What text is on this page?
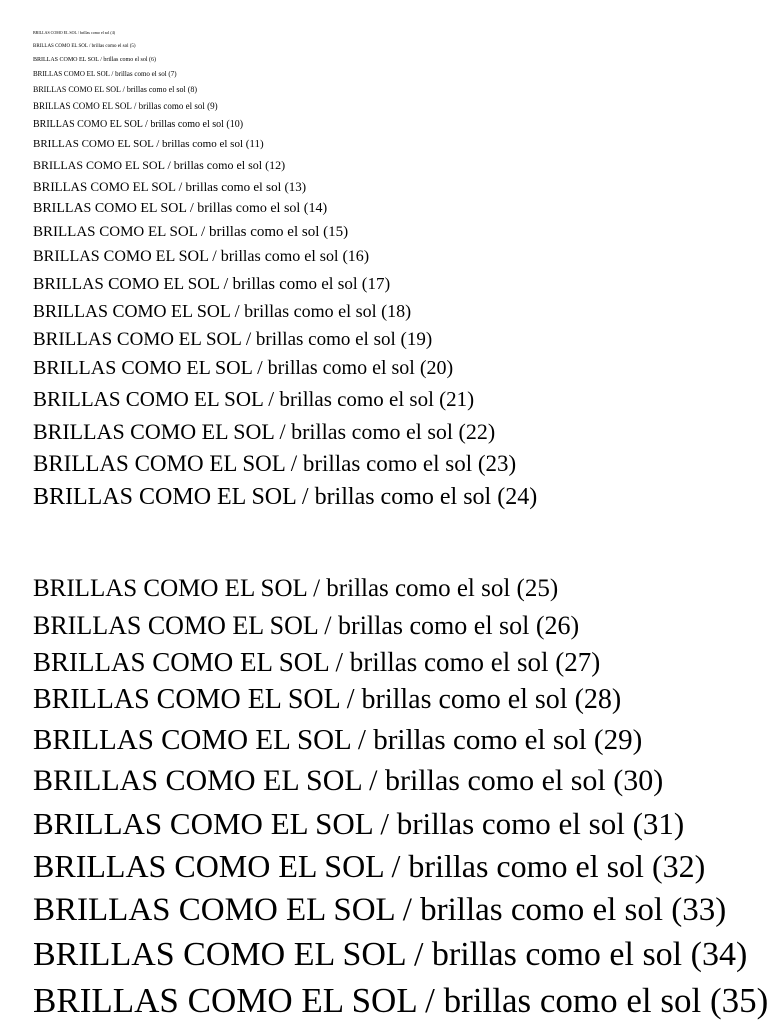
BRILLAS COMO EL SOL / brillas como el sol (4)

BRILLAS COMO EL SOL / brillas como el sol (5)

BRILLAS COMO EL SOL / brillas como el sol (6)

BRILLAS COMO EL SOL / brillas como el sol (7)

BRILLAS COMO EL SOL / brillas como el sol (8)

BRILLAS COMO EL SOL / brillas como el sol (9)

BRILLAS COMO EL SOL / brillas como el sol (10)

BRILLAS COMO EL SOL / brillas como el sol (11)

BRILLAS COMO EL SOL / brillas como el sol (12)

BRILLAS COMO EL SOL / brillas como el sol (13)

BRILLAS COMO EL SOL / brillas como el sol (14)

BRILLAS COMO EL SOL / brillas como el sol (15)

BRILLAS COMO EL SOL / brillas como el sol (16)

BRILLAS COMO EL SOL / brillas como el sol (17)

BRILLAS COMO EL SOL / brillas como el sol (18)

BRILLAS COMO EL SOL / brillas como el sol (19)

BRILLAS COMO EL SOL / brillas como el sol (20)

BRILLAS COMO EL SOL / brillas como el sol (21)

BRILLAS COMO EL SOL / brillas como el sol (22)

BRILLAS COMO EL SOL / brillas como el sol (23)

BRILLAS COMO EL SOL / brillas como el sol (24)

BRILLAS COMO EL SOL / brillas como el sol (25)

BRILLAS COMO EL SOL / brillas como el sol (26)

BRILLAS COMO EL SOL / brillas como el sol (27)

BRILLAS COMO EL SOL / brillas como el sol (28)

BRILLAS COMO EL SOL / brillas como el sol (29)

BRILLAS COMO EL SOL / brillas como el sol (30)

BRILLAS COMO EL SOL / brillas como el sol (31)

BRILLAS COMO EL SOL / brillas como el sol (32)

BRILLAS COMO EL SOL / brillas como el sol (33)

BRILLAS COMO EL SOL / brillas como el sol (34)

BRILLAS COMO EL SOL / brillas como el sol (35)
